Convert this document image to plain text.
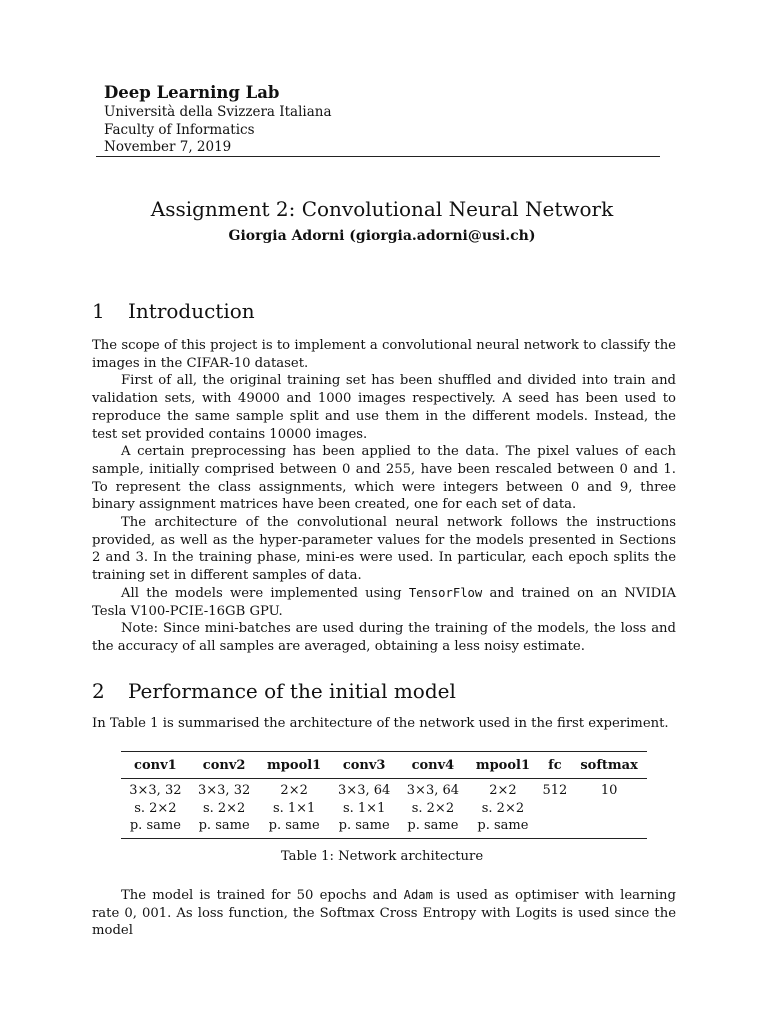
Deep Learning Lab
Università della Svizzera Italiana
Faculty of Informatics
November 7, 2019
Assignment 2: Convolutional Neural Network
Giorgia Adorni (giorgia.adorni@usi.ch)
1 Introduction

The scope of this project is to implement a convolutional neural network to classify the images in the CIFAR-10 dataset.

First of all, the original training set has been shuffled and divided into train and validation sets, with 49000 and 1000 images respectively. A seed has been used to reproduce the same sample split and use them in the different models. Instead, the test set provided contains 10000 images.

A certain preprocessing has been applied to the data. The pixel values of each sample, initially comprised between 0 and 255, have been rescaled between 0 and 1. To represent the class assignments, which were integers between 0 and 9, three binary assignment matrices have been created, one for each set of data.

The architecture of the convolutional neural network follows the instructions provided, as well as the hyper-parameter values for the models presented in Sections 2 and 3. In the training phase, mini-es were used. In particular, each epoch splits the training set in different samples of data.

All the models were implemented using TensorFlow and trained on an NVIDIA Tesla V100-PCIE-16GB GPU.

Note: Since mini-batches are used during the training of the models, the loss and the accuracy of all samples are averaged, obtaining a less noisy estimate.

2 Performance of the initial model

In Table 1 is summarised the architecture of the network used in the first experiment.

conv1	conv2	mpool1	conv3	conv4	mpool1	fc	softmax
3×3, 32	3×3, 32	2×2	3×3, 64	3×3, 64	2×2	512	10
s. 2×2	s. 2×2	s. 1×1	s. 1×1	s. 2×2	s. 2×2		
p. same	p. same	p. same	p. same	p. same	p. same		

Table 1: Network architecture

The model is trained for 50 epochs and Adam is used as optimiser with learning rate 0, 001. As loss function, the Softmax Cross Entropy with Logits is used since the model
